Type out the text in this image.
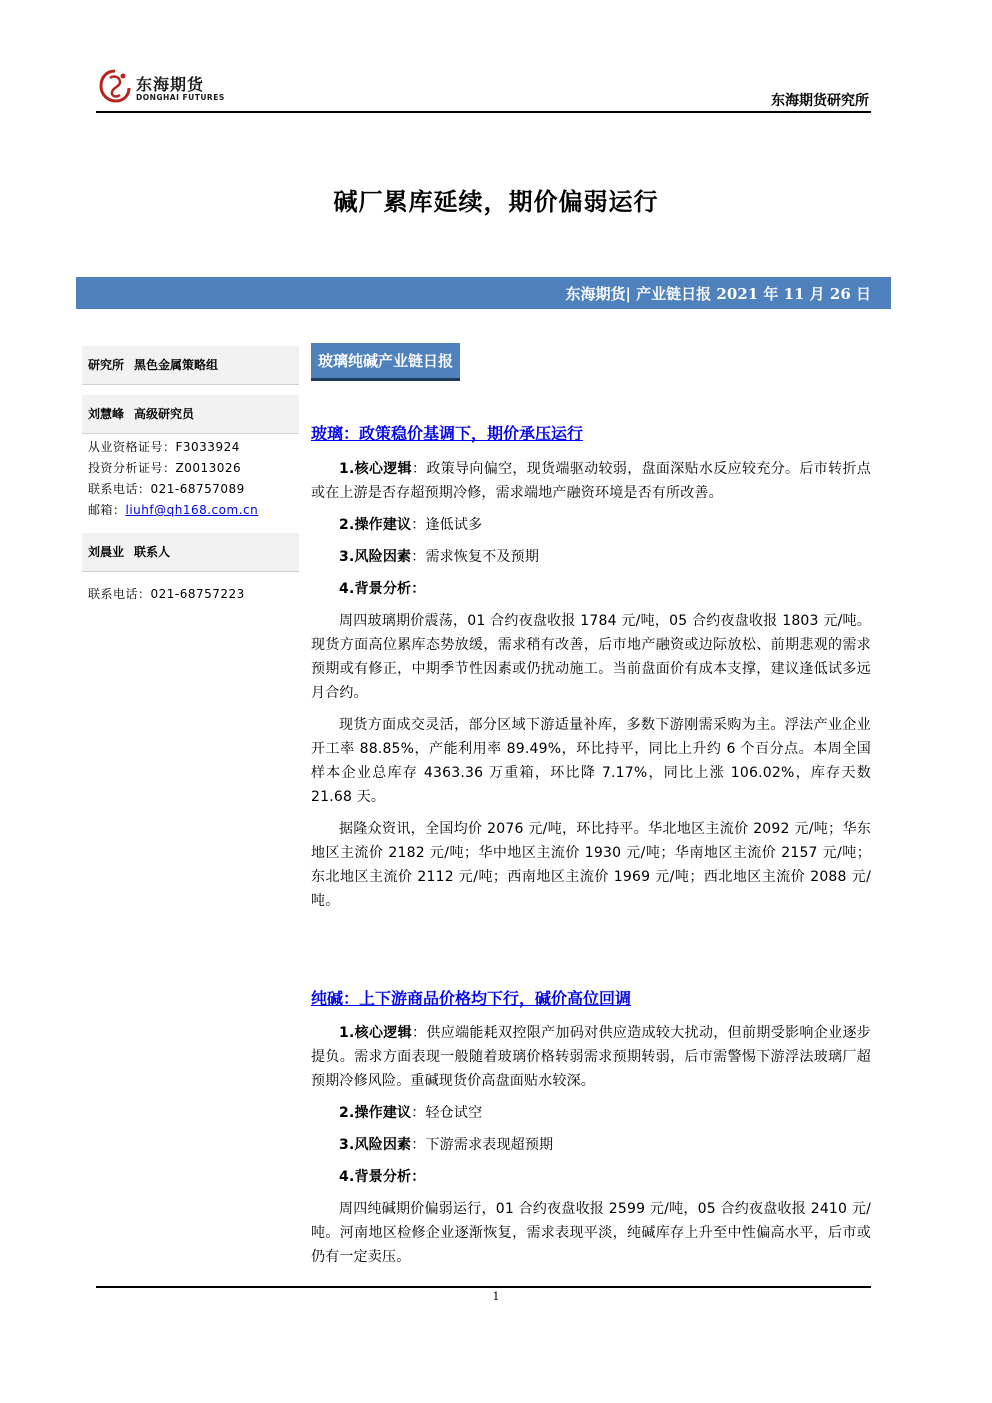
东海期货
DONGHAI FUTURES	东海期货研究所
碱厂累库延续，期价偏弱运行
东海期货| 产业链日报 2021 年 11 月 26 日
研究所 黑色金属策略组
刘慧峰 高级研究员
从业资格证号：F3033924
投资分析证号：Z0013026
联系电话：021-68757089
邮箱：liuhf@qh168.com.cn
刘晨业 联系人
联系电话：021-68757223
玻璃纯碱产业链日报
玻璃：政策稳价基调下，期价承压运行

1.核心逻辑：政策导向偏空，现货端驱动较弱，盘面深贴水反应较充分。后市转折点或在上游是否存超预期冷修，需求端地产融资环境是否有所改善。

2.操作建议：逢低试多

3.风险因素：需求恢复不及预期

4.背景分析：

周四玻璃期价震荡，01 合约夜盘收报 1784 元/吨，05 合约夜盘收报 1803 元/吨。现货方面高位累库态势放缓，需求稍有改善，后市地产融资或边际放松、前期悲观的需求预期或有修正，中期季节性因素或仍扰动施工。当前盘面价有成本支撑，建议逢低试多远月合约。

现货方面成交灵活，部分区域下游适量补库，多数下游刚需采购为主。浮法产业企业开工率 88.85%，产能利用率 89.49%，环比持平，同比上升约 6 个百分点。本周全国样本企业总库存 4363.36 万重箱，环比降 7.17%，同比上涨 106.02%，库存天数 21.68 天。

据隆众资讯，全国均价 2076 元/吨，环比持平。华北地区主流价 2092 元/吨；华东地区主流价 2182 元/吨；华中地区主流价 1930 元/吨；华南地区主流价 2157 元/吨；东北地区主流价 2112 元/吨；西南地区主流价 1969 元/吨；西北地区主流价 2088 元/吨。

纯碱：上下游商品价格均下行，碱价高位回调

1.核心逻辑：供应端能耗双控限产加码对供应造成较大扰动，但前期受影响企业逐步提负。需求方面表现一般随着玻璃价格转弱需求预期转弱，后市需警惕下游浮法玻璃厂超预期冷修风险。重碱现货价高盘面贴水较深。

2.操作建议：轻仓试空

3.风险因素：下游需求表现超预期

4.背景分析：

周四纯碱期价偏弱运行，01 合约夜盘收报 2599 元/吨，05 合约夜盘收报 2410 元/吨。河南地区检修企业逐渐恢复，需求表现平淡，纯碱库存上升至中性偏高水平，后市或仍有一定卖压。

1
